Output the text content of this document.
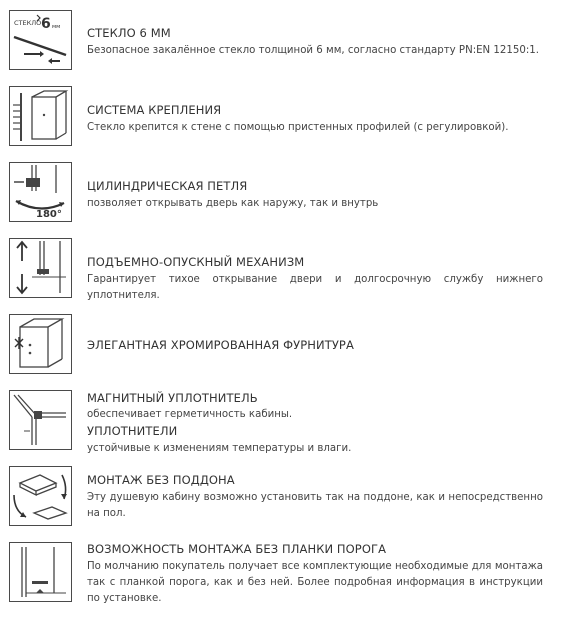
СТЕКЛО 6 мм СТЕКЛО 6 ММ
Безопасное закалённое стекло толщиной 6 мм, согласно стандарту PN:EN 12150:1.
СИСТЕМА КРЕПЛЕНИЯ
Стекло крепится к стене с помощью пристенных профилей (с регулировкой).
180°
ЦИЛИНДРИЧЕСКАЯ ПЕТЛЯ
позволяет открывать дверь как наружу, так и внутрь
ПОДЪЕМНО-ОПУСКНЫЙ МЕХАНИЗМ
Гарантирует тихое открывание двери и долгосрочную службу нижнего уплотнителя.
ЭЛЕГАНТНАЯ ХРОМИРОВАННАЯ ФУРНИТУРА
МАГНИТНЫЙ УПЛОТНИТЕЛЬ
обеспечивает герметичность кабины.
УПЛОТНИТЕЛИ
устойчивые к изменениям температуры и влаги.
МОНТАЖ БЕЗ ПОДДОНА
Эту душевую кабину возможно установить так на поддоне, как и непосредственно на пол.
ВОЗМОЖНОСТЬ МОНТАЖА БЕЗ ПЛАНКИ ПОРОГА
По молчанию покупатель получает все комплектующие необходимые для монтажа так с планкой порога, как и без ней. Более подробная информация в инструкции по установке.
